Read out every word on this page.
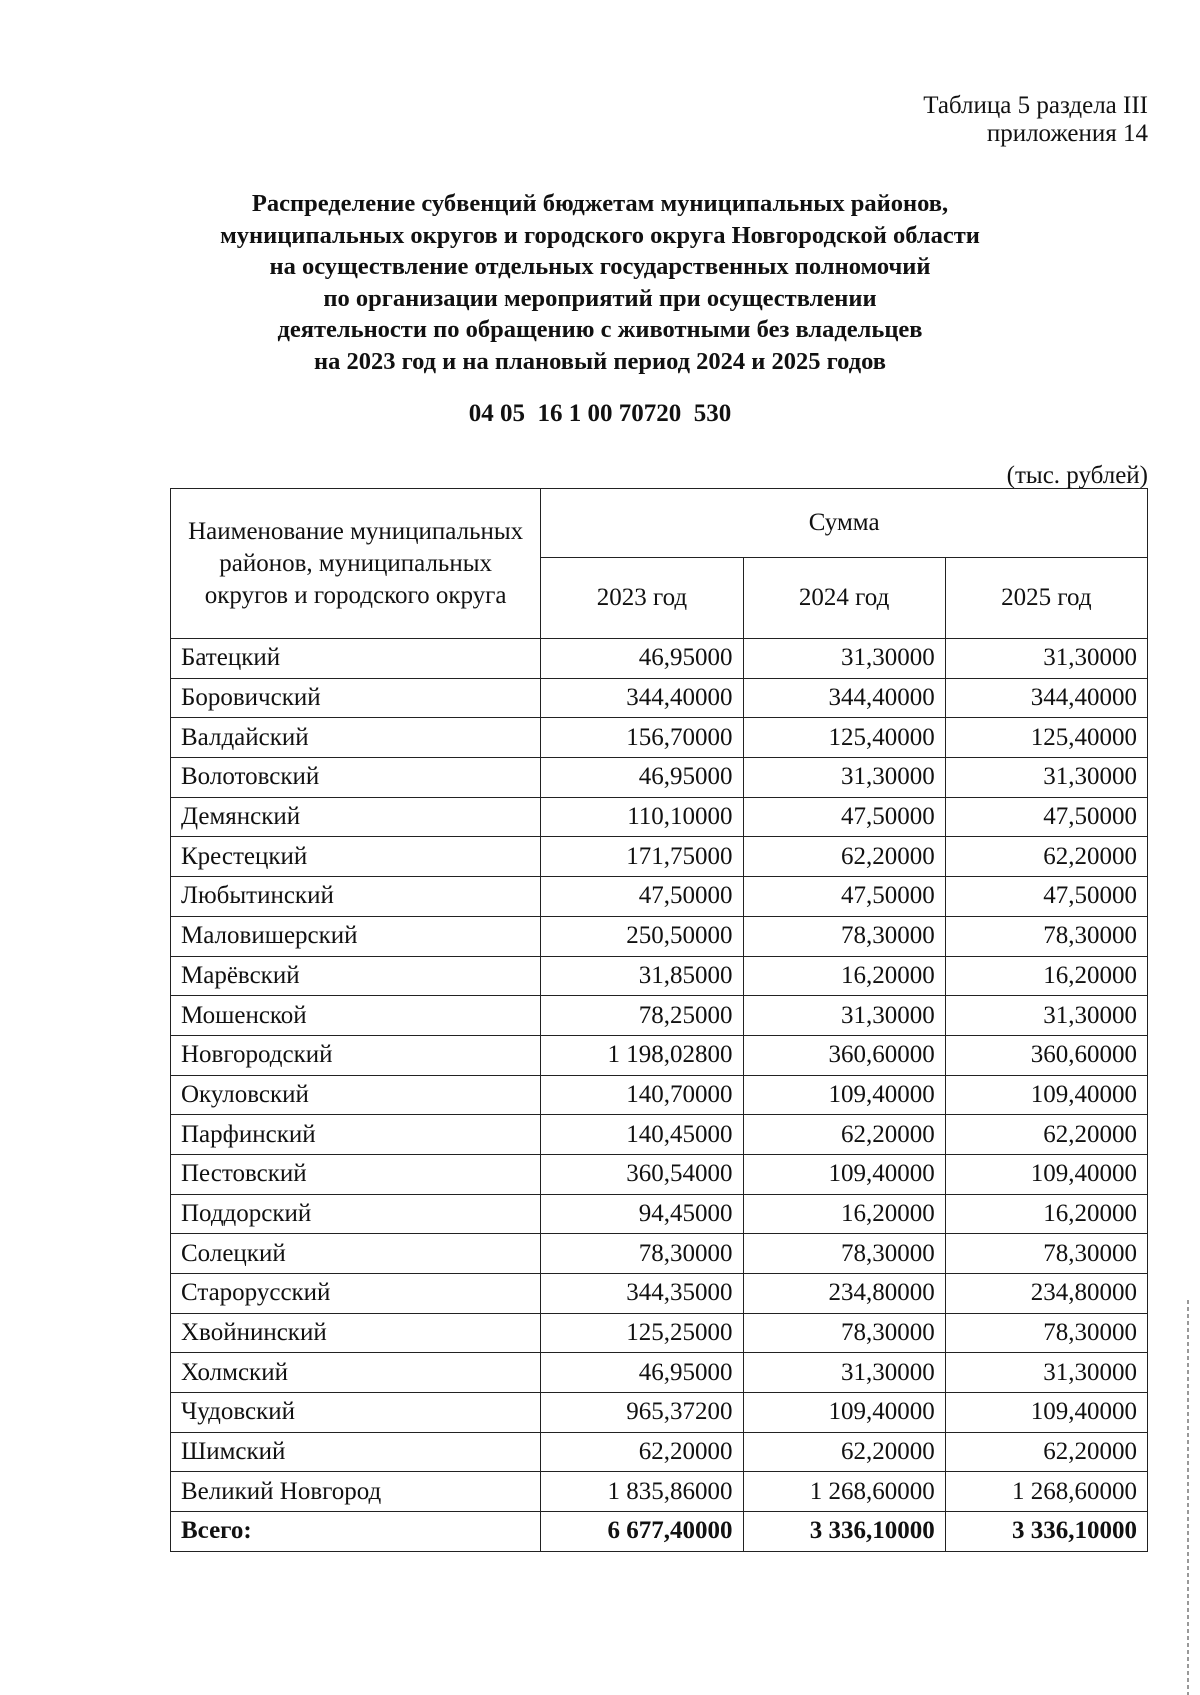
Таблица 5 раздела III
приложения 14
Распределение субвенций бюджетам муниципальных районов,
муниципальных округов и городского округа Новгородской области
на осуществление отдельных государственных полномочий
по организации мероприятий при осуществлении
деятельности по обращению с животными без владельцев
на 2023 год и на плановый период 2024 и 2025 годов
04 05  16 1 00 70720  530
(тыс. рублей)
Наименование муниципальных районов, муниципальных округов и городского округа	Сумма		
	2023 год	2024 год	2025 год
Батецкий	46,95000	31,30000	31,30000
Боровичский	344,40000	344,40000	344,40000
Валдайский	156,70000	125,40000	125,40000
Волотовский	46,95000	31,30000	31,30000
Демянский	110,10000	47,50000	47,50000
Крестецкий	171,75000	62,20000	62,20000
Любытинский	47,50000	47,50000	47,50000
Маловишерский	250,50000	78,30000	78,30000
Марёвский	31,85000	16,20000	16,20000
Мошенской	78,25000	31,30000	31,30000
Новгородский	1 198,02800	360,60000	360,60000
Окуловский	140,70000	109,40000	109,40000
Парфинский	140,45000	62,20000	62,20000
Пестовский	360,54000	109,40000	109,40000
Поддорский	94,45000	16,20000	16,20000
Солецкий	78,30000	78,30000	78,30000
Старорусский	344,35000	234,80000	234,80000
Хвойнинский	125,25000	78,30000	78,30000
Холмский	46,95000	31,30000	31,30000
Чудовский	965,37200	109,40000	109,40000
Шимский	62,20000	62,20000	62,20000
Великий Новгород	1 835,86000	1 268,60000	1 268,60000
Всего:	6 677,40000	3 336,10000	3 336,10000
